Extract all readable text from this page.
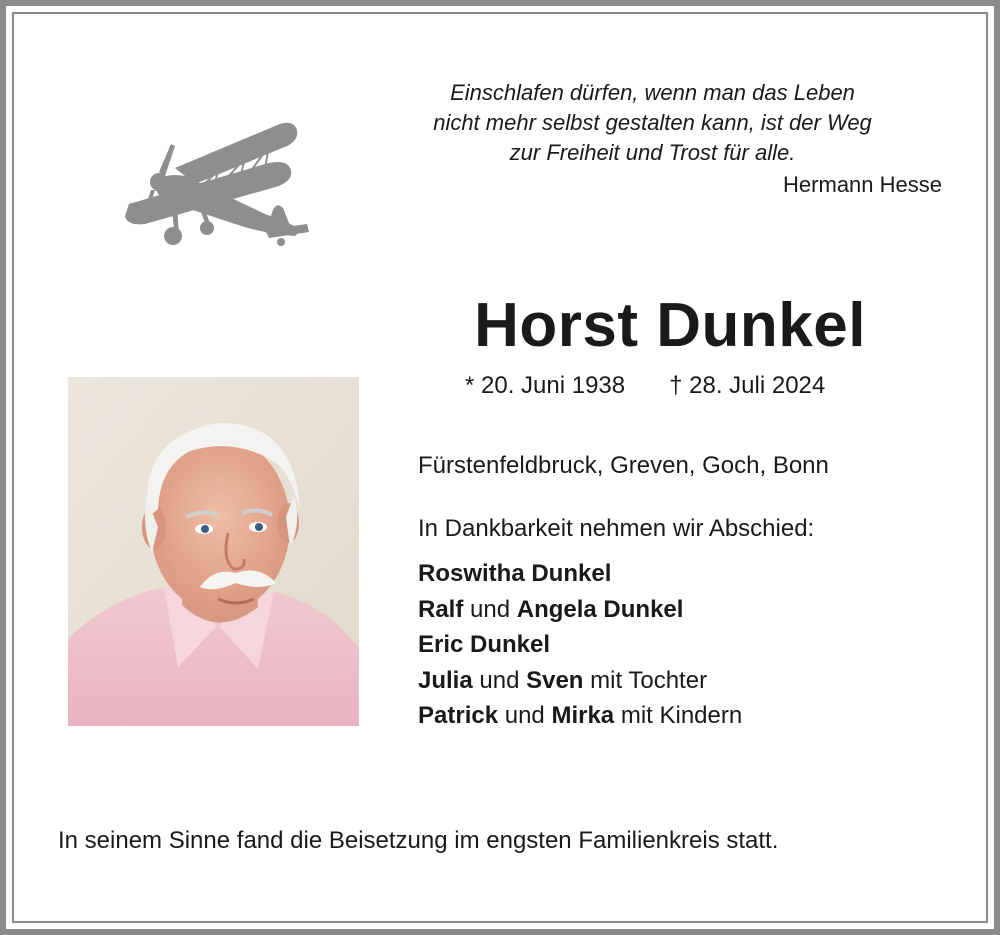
Einschlafen dürfen, wenn man das Leben
nicht mehr selbst gestalten kann, ist der Weg
zur Freiheit und Trost für alle.
Hermann Hesse
Horst Dunkel
* 20. Juni 1938 † 28. Juli 2024
Fürstenfeldbruck, Greven, Goch, Bonn
In Dankbarkeit nehmen wir Abschied:
Roswitha Dunkel
Ralf und Angela Dunkel
Eric Dunkel
Julia und Sven mit Tochter
Patrick und Mirka mit Kindern
In seinem Sinne fand die Beisetzung im engsten Familienkreis statt.
